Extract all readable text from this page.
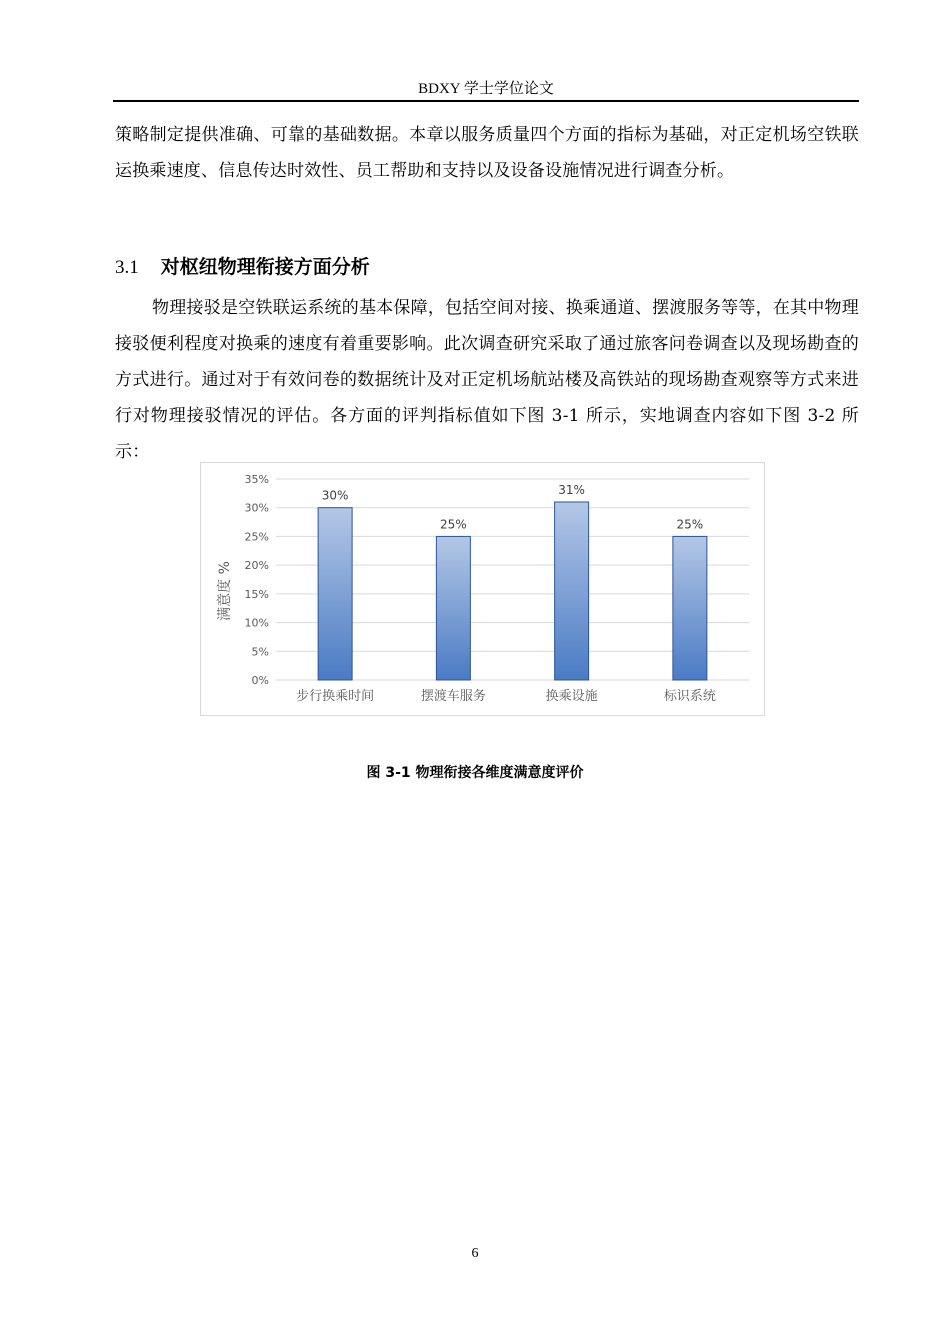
BDXY 学士学位论文

策略制定提供准确、可靠的基础数据。本章以服务质量四个方面的指标为基础，对正定机场空铁联运换乘速度、信息传达时效性、员工帮助和支持以及设备设施情况进行调查分析。

3.1 对枢纽物理衔接方面分析

物理接驳是空铁联运系统的基本保障，包括空间对接、换乘通道、摆渡服务等等，在其中物理接驳便利程度对换乘的速度有着重要影响。此次调查研究采取了通过旅客问卷调查以及现场勘查的方式进行。通过对于有效问卷的数据统计及对正定机场航站楼及高铁站的现场勘查观察等方式来进行对物理接驳情况的评估。各方面的评判指标值如下图 3-1 所示，实地调查内容如下图 3-2 所示：

0%
5%
10%
15%
20%
25%
30%
35%
30%
步行换乘时间
25%
摆渡车服务
31%
换乘设施
25%
标识系统
满意度 %
图 3-1 物理衔接各维度满意度评价
6
